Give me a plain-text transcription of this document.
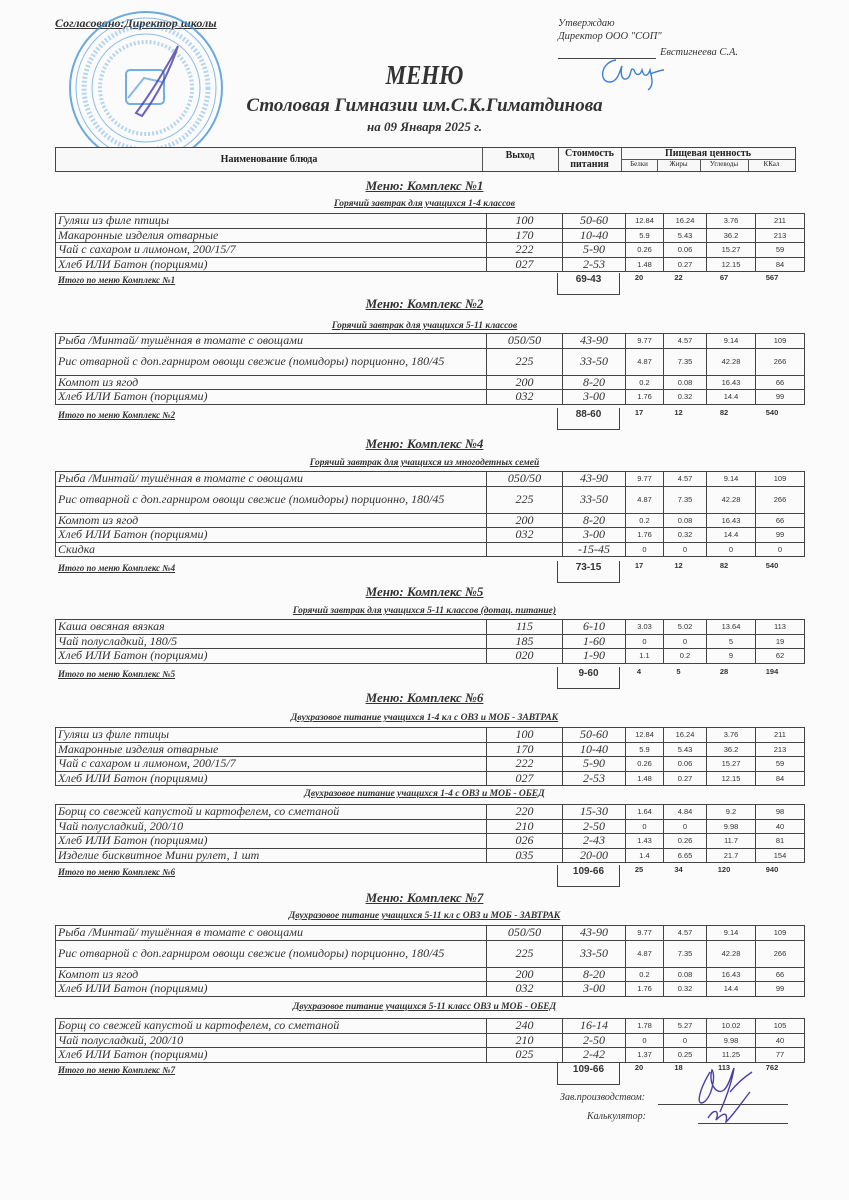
Согласовано:Директор школы	Утверждаю
Директор ООО "СОП"
Евстигнеева С.А.
МЕНЮ
Столовая Гимназии им.С.К.Гиматдинова
на 09 Января 2025 г.
Наименование блюда	Выход	Стоимость
питания
Пищевая ценность
Белки	Жиры	Углеводы	ККал
Меню: Комплекс №1
Горячий завтрак для учащихся 1-4 классов
Гуляш из филе птицы	100	50-60	12.84	16.24	3.76	211
Макаронные изделия отварные	170	10-40	5.9	5.43	36.2	213
Чай с сахаром и лимоном, 200/15/7	222	5-90	0.26	0.06	15.27	59
Хлеб ИЛИ Батон (порциями)	027	2-53	1.48	0.27	12.15	84
Итого по меню Комплекс №1	69-43	20	22	67	567
Меню: Комплекс №2
Горячий завтрак для учащихся 5-11 классов
Рыба /Минтай/ тушённая в томате с овощами	050/50	43-90	9.77	4.57	9.14	109
Рис отварной с доп.гарниром овощи свежие (помидоры) порционно, 180/45	225	33-50	4.87	7.35	42.28	266
Компот из ягод	200	8-20	0.2	0.08	16.43	66
Хлеб ИЛИ Батон (порциями)	032	3-00	1.76	0.32	14.4	99
Итого по меню Комплекс №2	88-60	17	12	82	540
Меню: Комплекс №4
Горячий завтрак для учащихся из многодетных семей
Рыба /Минтай/ тушённая в томате с овощами	050/50	43-90	9.77	4.57	9.14	109
Рис отварной с доп.гарниром овощи свежие (помидоры) порционно, 180/45	225	33-50	4.87	7.35	42.28	266
Компот из ягод	200	8-20	0.2	0.08	16.43	66
Хлеб ИЛИ Батон (порциями)	032	3-00	1.76	0.32	14.4	99
Скидка		-15-45	0	0	0	0
Итого по меню Комплекс №4	73-15	17	12	82	540
Меню: Комплекс №5
Горячий завтрак для учащихся 5-11 классов (дотац. питание)
Каша овсяная вязкая	115	6-10	3.03	5.02	13.64	113
Чай полусладкий, 180/5	185	1-60	0	0	5	19
Хлеб ИЛИ Батон (порциями)	020	1-90	1.1	0.2	9	62
Итого по меню Комплекс №5	9-60	4	5	28	194
Меню: Комплекс №6
Двухразовое питание учащихся 1-4 кл с ОВЗ и МОБ - ЗАВТРАК
Гуляш из филе птицы	100	50-60	12.84	16.24	3.76	211
Макаронные изделия отварные	170	10-40	5.9	5.43	36.2	213
Чай с сахаром и лимоном, 200/15/7	222	5-90	0.26	0.06	15.27	59
Хлеб ИЛИ Батон (порциями)	027	2-53	1.48	0.27	12.15	84
Двухразовое питание учащихся 1-4 с ОВЗ и МОБ - ОБЕД
Борщ со свежей капустой и картофелем, со сметаной	220	15-30	1.64	4.84	9.2	98
Чай полусладкий, 200/10	210	2-50	0	0	9.98	40
Хлеб ИЛИ Батон (порциями)	026	2-43	1.43	0.26	11.7	81
Изделие бисквитное Мини рулет, 1 шт	035	20-00	1.4	6.65	21.7	154
Итого по меню Комплекс №6	109-66	25	34	120	940
Меню: Комплекс №7
Двухразовое питание учащихся 5-11 кл с ОВЗ и МОБ - ЗАВТРАК
Рыба /Минтай/ тушённая в томате с овощами	050/50	43-90	9.77	4.57	9.14	109
Рис отварной с доп.гарниром овощи свежие (помидоры) порционно, 180/45	225	33-50	4.87	7.35	42.28	266
Компот из ягод	200	8-20	0.2	0.08	16.43	66
Хлеб ИЛИ Батон (порциями)	032	3-00	1.76	0.32	14.4	99
Двухразовое питание учащихся 5-11 класс ОВЗ и МОБ - ОБЕД
Борщ со свежей капустой и картофелем, со сметаной	240	16-14	1.78	5.27	10.02	105
Чай полусладкий, 200/10	210	2-50	0	0	9.98	40
Хлеб ИЛИ Батон (порциями)	025	2-42	1.37	0.25	11.25	77
Итого по меню Комплекс №7	109-66	20	18	113	762
Зав.производством:
Калькулятор:
